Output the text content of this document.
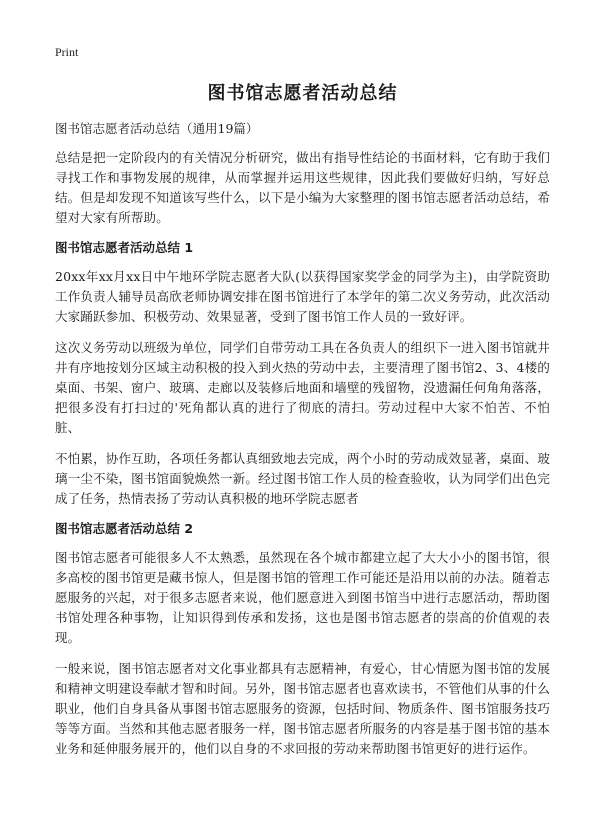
Print
图书馆志愿者活动总结
图书馆志愿者活动总结（通用19篇）

总结是把一定阶段内的有关情况分析研究，做出有指导性结论的书面材料，它有助于我们寻找工作和事物发展的规律，从而掌握并运用这些规律，因此我们要做好归纳，写好总结。但是却发现不知道该写些什么，以下是小编为大家整理的图书馆志愿者活动总结，希望对大家有所帮助。

图书馆志愿者活动总结 1

20xx年xx月xx日中午地环学院志愿者大队(以获得国家奖学金的同学为主)，由学院资助工作负责人辅导员高欣老师协调安排在图书馆进行了本学年的第二次义务劳动，此次活动大家踊跃参加、积极劳动、效果显著，受到了图书馆工作人员的一致好评。

这次义务劳动以班级为单位，同学们自带劳动工具在各负责人的组织下一进入图书馆就井井有序地按划分区域主动积极的投入到火热的劳动中去，主要清理了图书馆2、3、4楼的桌面、书架、窗户、玻璃、走廊以及装修后地面和墙壁的残留物，没遗漏任何角角落落，把很多没有打扫过的'死角都认真的进行了彻底的清扫。劳动过程中大家不怕苦、不怕脏、

不怕累，协作互助，各项任务都认真细致地去完成，两个小时的劳动成效显著，桌面、玻璃一尘不染，图书馆面貌焕然一新。经过图书馆工作人员的检查验收，认为同学们出色完成了任务，热情表扬了劳动认真积极的地环学院志愿者

图书馆志愿者活动总结 2

图书馆志愿者可能很多人不太熟悉，虽然现在各个城市都建立起了大大小小的图书馆，很多高校的图书馆更是藏书惊人，但是图书馆的管理工作可能还是沿用以前的办法。随着志愿服务的兴起，对于很多志愿者来说，他们愿意进入到图书馆当中进行志愿活动，帮助图书馆处理各种事物，让知识得到传承和发扬，这也是图书馆志愿者的崇高的价值观的表现。

一般来说，图书馆志愿者对文化事业都具有志愿精神，有爱心，甘心情愿为图书馆的发展和精神文明建设奉献才智和时间。另外，图书馆志愿者也喜欢读书，不管他们从事的什么职业，他们自身具备从事图书馆志愿服务的资源，包括时间、物质条件、图书馆服务技巧等等方面。当然和其他志愿者服务一样，图书馆志愿者所服务的内容是基于图书馆的基本业务和延伸服务展开的，他们以自身的不求回报的劳动来帮助图书馆更好的进行运作。
